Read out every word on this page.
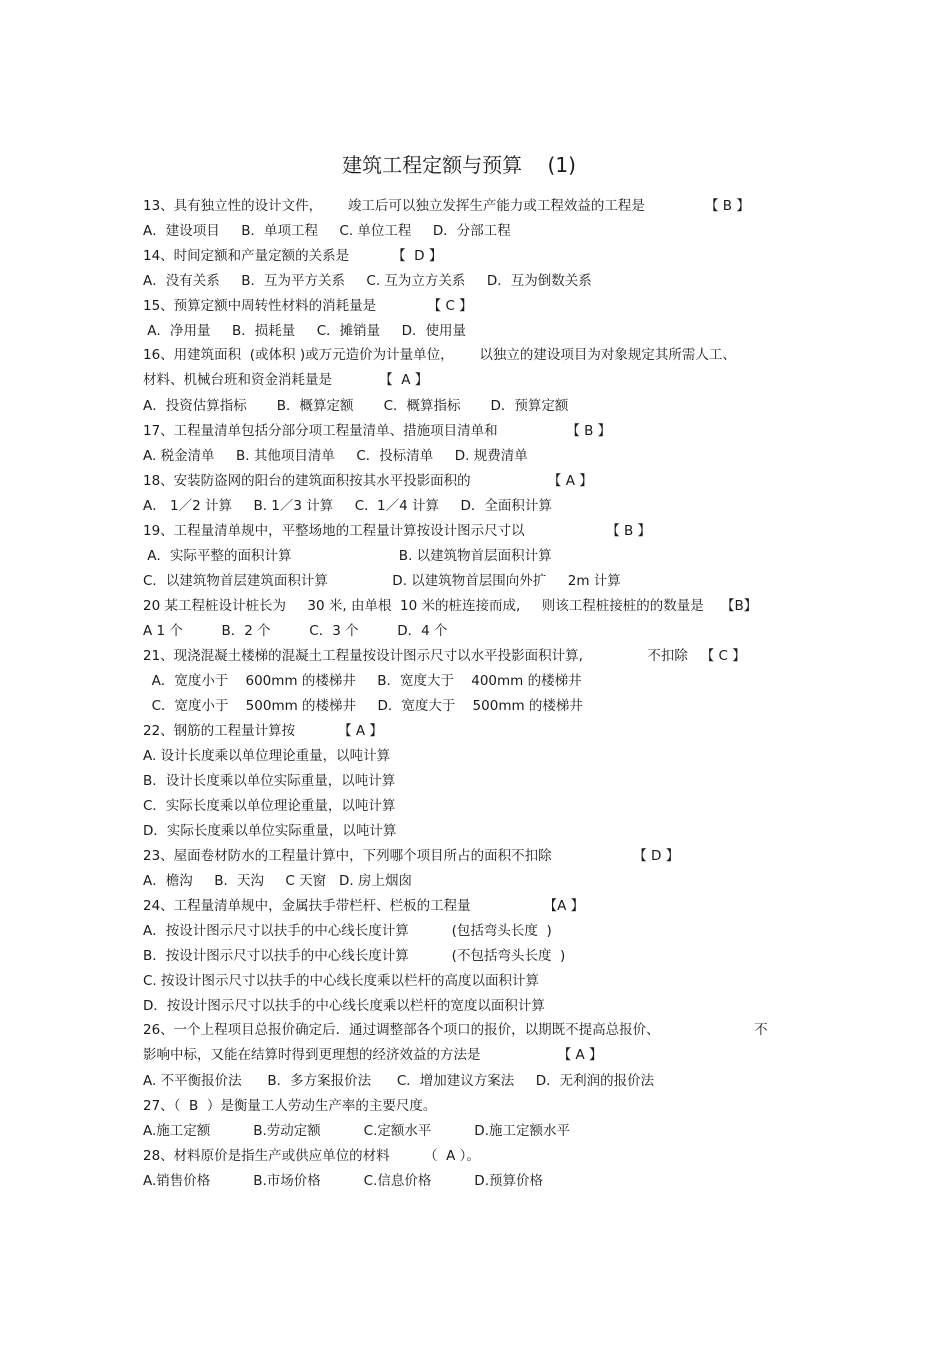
建筑工程定额与预算    (1)
13、具有独立性的设计文件，      竣工后可以独立发挥生产能力或工程效益的工程是              【 B 】
A．建设项目     B．单项工程     C. 单位工程     D．分部工程
14、时间定额和产量定额的关系是          【  D 】
A．没有关系     B．互为平方关系     C. 互为立方关系     D．互为倒数关系
15、预算定额中周转性材料的消耗量是            【 C 】
A．净用量     B．损耗量     C．摊销量     D．使用量
16、用建筑面积  (或体积 )或万元造价为计量单位，      以独立的建设项目为对象规定其所需人工、
材料、机械台班和资金消耗量是           【  A 】
A．投资估算指标       B．概算定额       C．概算指标       D．预算定额
17、工程量清单包括分部分项工程量清单、措施项目清单和                【 B 】
A. 税金清单     B. 其他项目清单     C．投标清单     D. 规费清单
18、安装防盗网的阳台的建筑面积按其水平投影面积的                  【 A 】
A． 1／2 计算     B. 1／3 计算     C.  1／4 计算     D．全面积计算
19、工程量清单规中，平整场地的工程量计算按设计图示尺寸以                   【 B 】
A．实际平整的面积计算                         B. 以建筑物首层面积计算
C．以建筑物首层建筑面积计算               D. 以建筑物首层围向外扩     2m 计算
20 某工程桩设计桩长为     30 米, 由单根  10 米的桩连接而成,     则该工程桩接桩的的数量是    【B】
A 1 个         B．2 个         C．3 个         D．4 个
21、现浇混凝土楼梯的混凝土工程量按设计图示尺寸以水平投影面积计算,               不扣除   【 C 】
A．宽度小于    600mm 的楼梯井     B．宽度大于    400mm 的楼梯井
C．宽度小于    500mm 的楼梯井     D．宽度大于    500mm 的楼梯井
22、钢筋的工程量计算按          【 A 】
A. 设计长度乘以单位理论重量，以吨计算
B．设计长度乘以单位实际重量，以吨计算
C．实际长度乘以单位理论重量，以吨计算
D．实际长度乘以单位实际重量，以吨计算
23、屋面卷材防水的工程量计算中，下列哪个项目所占的面积不扣除                   【 D 】
A．檐沟     B．天沟     C 天窗   D. 房上烟囱
24、工程量清单规中，金属扶手带栏杆、栏板的工程量                 【A 】
A．按设计图示尺寸以扶手的中心线长度计算          (包括弯头长度  )
B．按设计图示尺寸以扶手的中心线长度计算          (不包括弯头长度  )
C. 按设计图示尺寸以扶手的中心线长度乘以栏杆的高度以面积计算
D．按设计图示尺寸以扶手的中心线长度乘以栏杆的宽度以面积计算
26、一个上程项目总报价确定后．通过调整部各个项口的报价，以期既不提高总报价、                      不
影响中标，又能在结算时得到更理想的经济效益的方法是                  【 A 】
A. 不平衡报价法      B．多方案报价法      C．增加建议方案法     D．无利润的报价法
27、（  B  ）是衡量工人劳动生产率的主要尺度。
A.施工定额          B.劳动定额          C.定额水平          D.施工定额水平
28、材料原价是指生产或供应单位的材料        （  A ）。
A.销售价格          B.市场价格          C.信息价格          D.预算价格
